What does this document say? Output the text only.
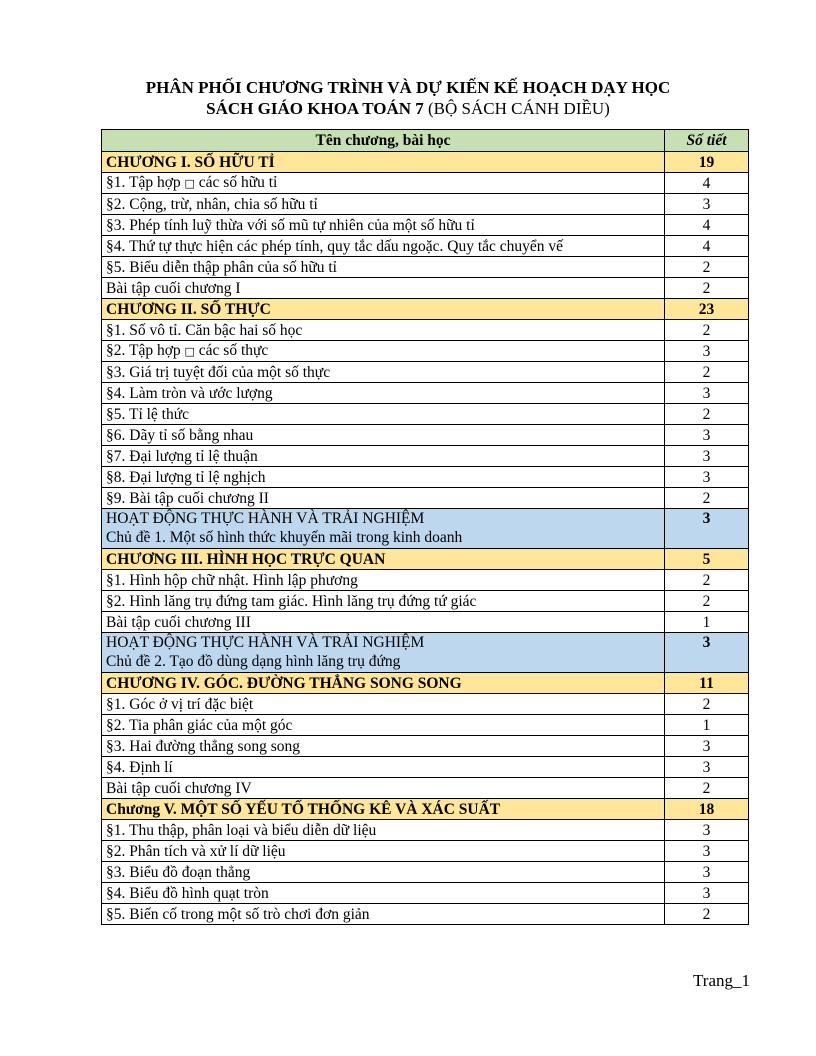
PHÂN PHỐI CHƯƠNG TRÌNH VÀ DỰ KIẾN KẾ HOẠCH DẠY HỌC
SÁCH GIÁO KHOA TOÁN 7 (BỘ SÁCH CÁNH DIỀU)
Tên chương, bài học	Số tiết
CHƯƠNG I. SỐ HỮU TỈ	19
§1. Tập hợp □ các số hữu tỉ	4
§2. Cộng, trừ, nhân, chia số hữu tỉ	3
§3. Phép tính luỹ thừa với số mũ tự nhiên của một số hữu tỉ	4
§4. Thứ tự thực hiện các phép tính, quy tắc dấu ngoặc. Quy tắc chuyển vế	4
§5. Biểu diễn thập phân của số hữu tỉ	2
Bài tập cuối chương I	2
CHƯƠNG II. SỐ THỰC	23
§1. Số vô tỉ. Căn bậc hai số học	2
§2. Tập hợp □ các số thực	3
§3. Giá trị tuyệt đối của một số thực	2
§4. Làm tròn và ước lượng	3
§5. Tỉ lệ thức	2
§6. Dãy tỉ số bằng nhau	3
§7. Đại lượng tỉ lệ thuận	3
§8. Đại lượng tỉ lệ nghịch	3
§9. Bài tập cuối chương II	2
HOẠT ĐỘNG THỰC HÀNH VÀ TRẢI NGHIỆM
Chủ đề 1. Một số hình thức khuyến mãi trong kinh doanh	3
CHƯƠNG III. HÌNH HỌC TRỰC QUAN	5
§1. Hình hộp chữ nhật. Hình lập phương	2
§2. Hình lăng trụ đứng tam giác. Hình lăng trụ đứng tứ giác	2
Bài tập cuối chương III	1
HOẠT ĐỘNG THỰC HÀNH VÀ TRẢI NGHIỆM
Chủ đề 2. Tạo đồ dùng dạng hình lăng trụ đứng	3
CHƯƠNG IV. GÓC. ĐƯỜNG THẲNG SONG SONG	11
§1. Góc ở vị trí đặc biệt	2
§2. Tia phân giác của một góc	1
§3. Hai đường thẳng song song	3
§4. Định lí	3
Bài tập cuối chương IV	2
Chương V. MỘT SỐ YẾU TỐ THỐNG KÊ VÀ XÁC SUẤT	18
§1. Thu thập, phân loại và biểu diễn dữ liệu	3
§2. Phân tích và xử lí dữ liệu	3
§3. Biểu đồ đoạn thẳng	3
§4. Biểu đồ hình quạt tròn	3
§5. Biến cố trong một số trò chơi đơn giản	2
Trang_1
